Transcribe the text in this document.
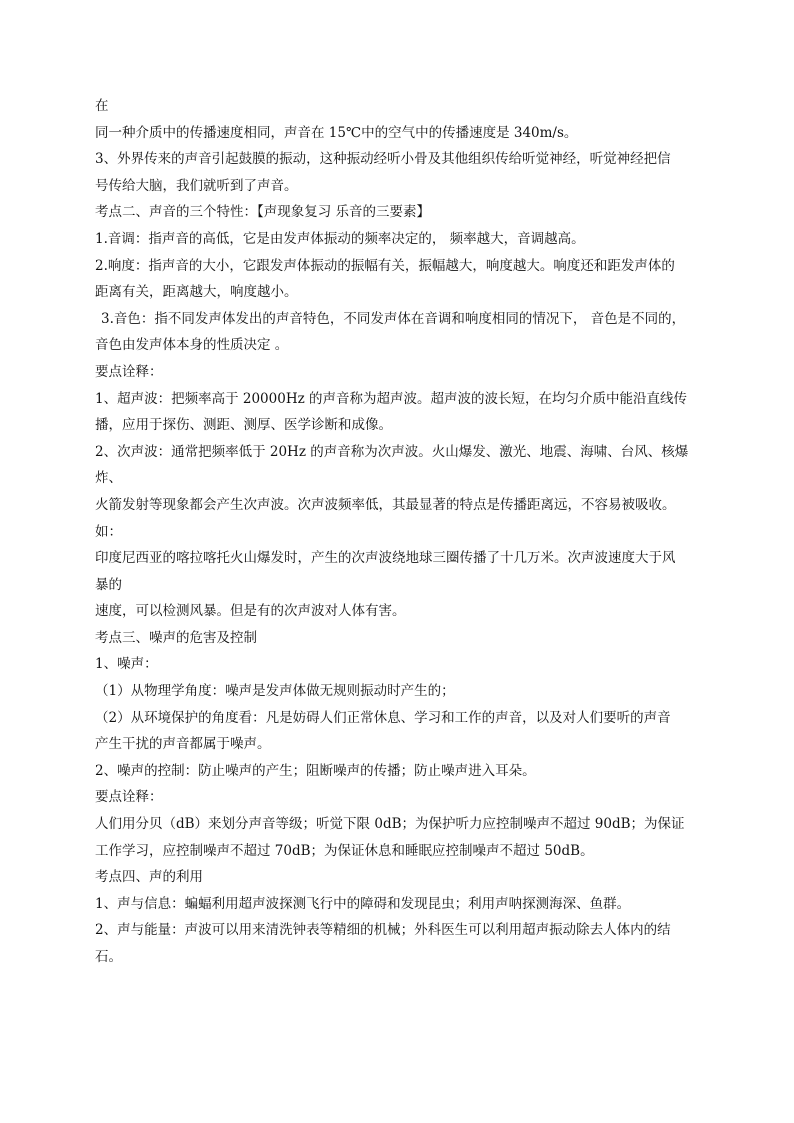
在
同一种介质中的传播速度相同，声音在 15℃中的空气中的传播速度是 340m/s。
3、外界传来的声音引起鼓膜的振动，这种振动经听小骨及其他组织传给听觉神经，听觉神经把信
号传给大脑，我们就听到了声音。
考点二、声音的三个特性：【声现象复习 乐音的三要素】
1.音调：指声音的高低，它是由发声体振动的频率决定的， 频率越大，音调越高。
2.响度：指声音的大小，它跟发声体振动的振幅有关，振幅越大，响度越大。响度还和距发声体的
距离有关，距离越大，响度越小。
3.音色：指不同发声体发出的声音特色，不同发声体在音调和响度相同的情况下， 音色是不同的，
音色由发声体本身的性质决定 。
要点诠释：
1、超声波：把频率高于 20000Hz 的声音称为超声波。超声波的波长短，在均匀介质中能沿直线传
播，应用于探伤、测距、测厚、医学诊断和成像。
2、次声波：通常把频率低于 20Hz 的声音称为次声波。火山爆发、激光、地震、海啸、台风、核爆
炸、
火箭发射等现象都会产生次声波。次声波频率低，其最显著的特点是传播距离远，不容易被吸收。
如：
印度尼西亚的喀拉喀托火山爆发时，产生的次声波绕地球三圈传播了十几万米。次声波速度大于风
暴的
速度，可以检测风暴。但是有的次声波对人体有害。
考点三、噪声的危害及控制
1、噪声：
（1）从物理学角度：噪声是发声体做无规则振动时产生的；
（2）从环境保护的角度看：凡是妨碍人们正常休息、学习和工作的声音，以及对人们要听的声音
产生干扰的声音都属于噪声。
2、噪声的控制：防止噪声的产生；阻断噪声的传播；防止噪声进入耳朵。
要点诠释：
人们用分贝（dB）来划分声音等级；听觉下限 0dB；为保护听力应控制噪声不超过 90dB；为保证
工作学习，应控制噪声不超过 70dB；为保证休息和睡眠应控制噪声不超过 50dB。
考点四、声的利用
1、声与信息：蝙蝠利用超声波探测飞行中的障碍和发现昆虫；利用声呐探测海深、鱼群。
2、声与能量：声波可以用来清洗钟表等精细的机械；外科医生可以利用超声振动除去人体内的结
石。
